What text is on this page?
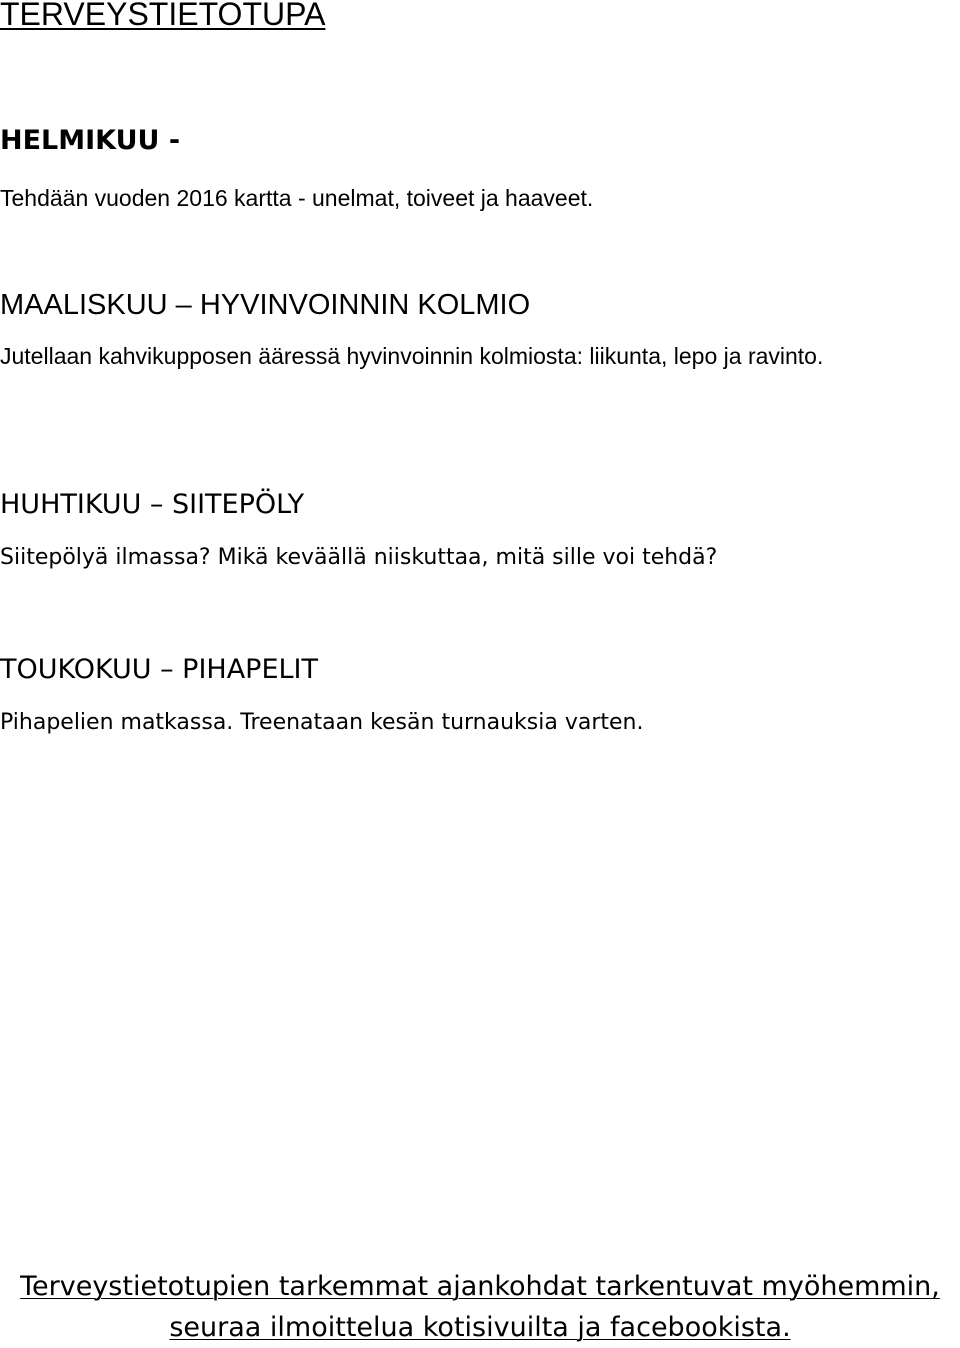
TERVEYSTIETOTUPA
HELMIKUU -

Tehdään vuoden 2016 kartta - unelmat, toiveet ja haaveet.

MAALISKUU – HYVINVOINNIN KOLMIO

Jutellaan kahvikupposen ääressä hyvinvoinnin kolmiosta: liikunta, lepo ja ravinto.

HUHTIKUU – SIITEPÖLY

Siitepölyä ilmassa? Mikä keväällä niiskuttaa, mitä sille voi tehdä?

TOUKOKUU – PIHAPELIT

Pihapelien matkassa. Treenataan kesän turnauksia varten.

Terveystietotupien tarkemmat ajankohdat tarkentuvat myöhemmin,
seuraa ilmoittelua kotisivuilta ja facebookista.
